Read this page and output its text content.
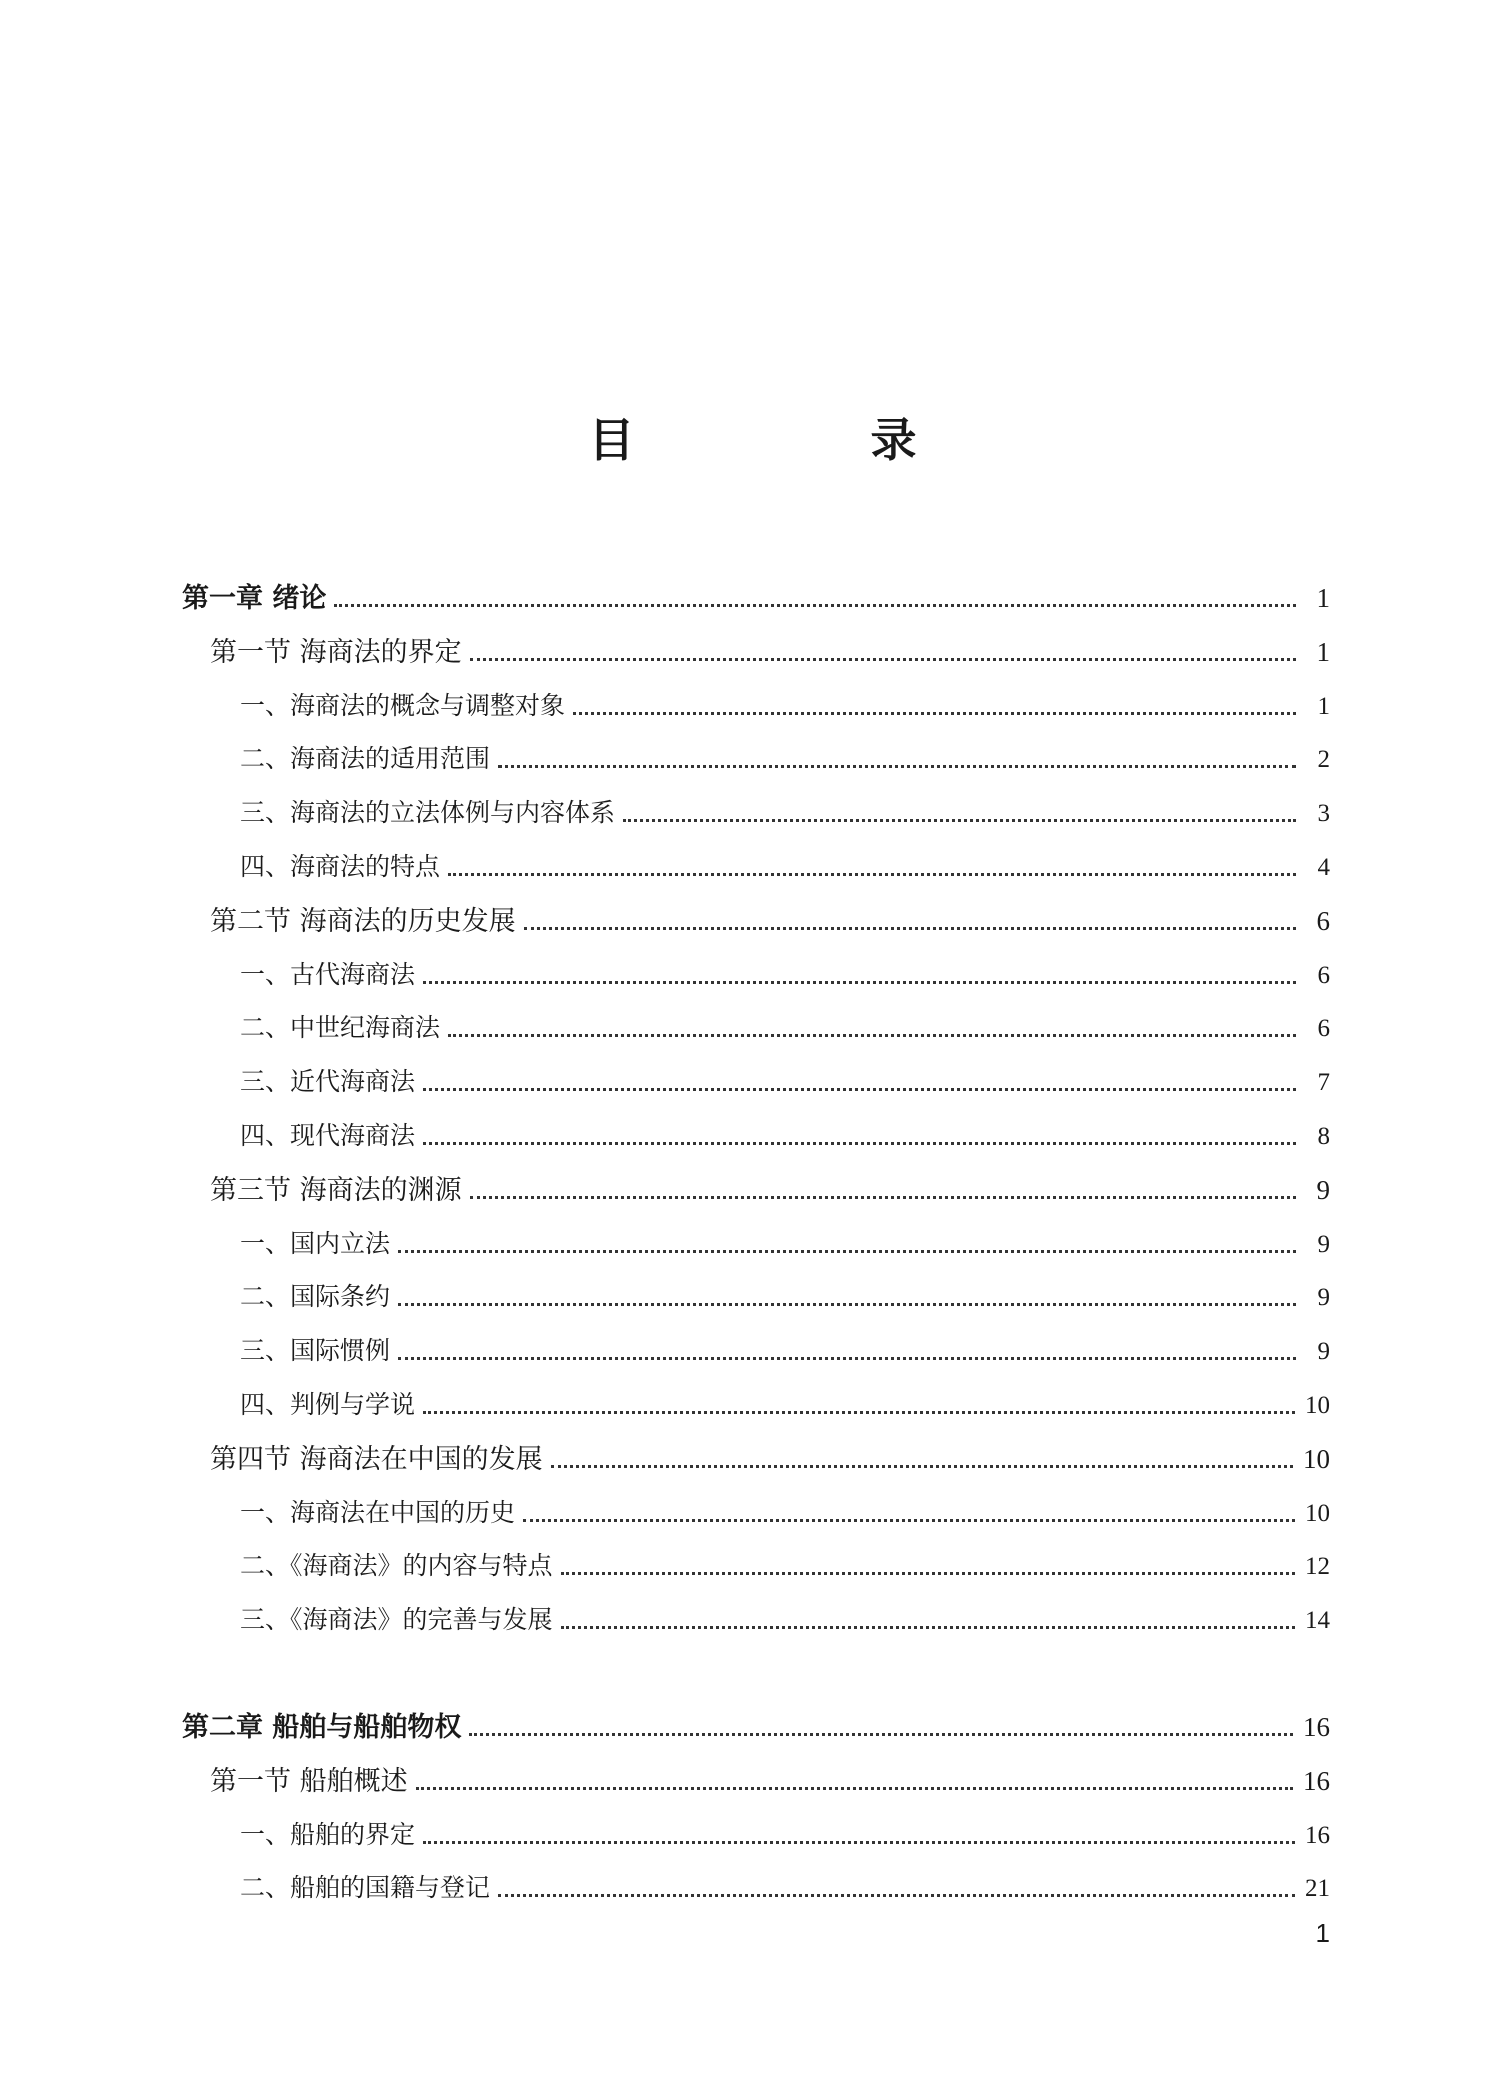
目 录
第一章 绪论	1
第一节 海商法的界定	1
一、海商法的概念与调整对象	1
二、海商法的适用范围	2
三、海商法的立法体例与内容体系	3
四、海商法的特点	4
第二节 海商法的历史发展	6
一、古代海商法	6
二、中世纪海商法	6
三、近代海商法	7
四、现代海商法	8
第三节 海商法的渊源	9
一、国内立法	9
二、国际条约	9
三、国际惯例	9
四、判例与学说	10
第四节 海商法在中国的发展	10
一、海商法在中国的历史	10
二、《海商法》的内容与特点	12
三、《海商法》的完善与发展	14
第二章 船舶与船舶物权	16
第一节 船舶概述	16
一、船舶的界定	16
二、船舶的国籍与登记	21
1
